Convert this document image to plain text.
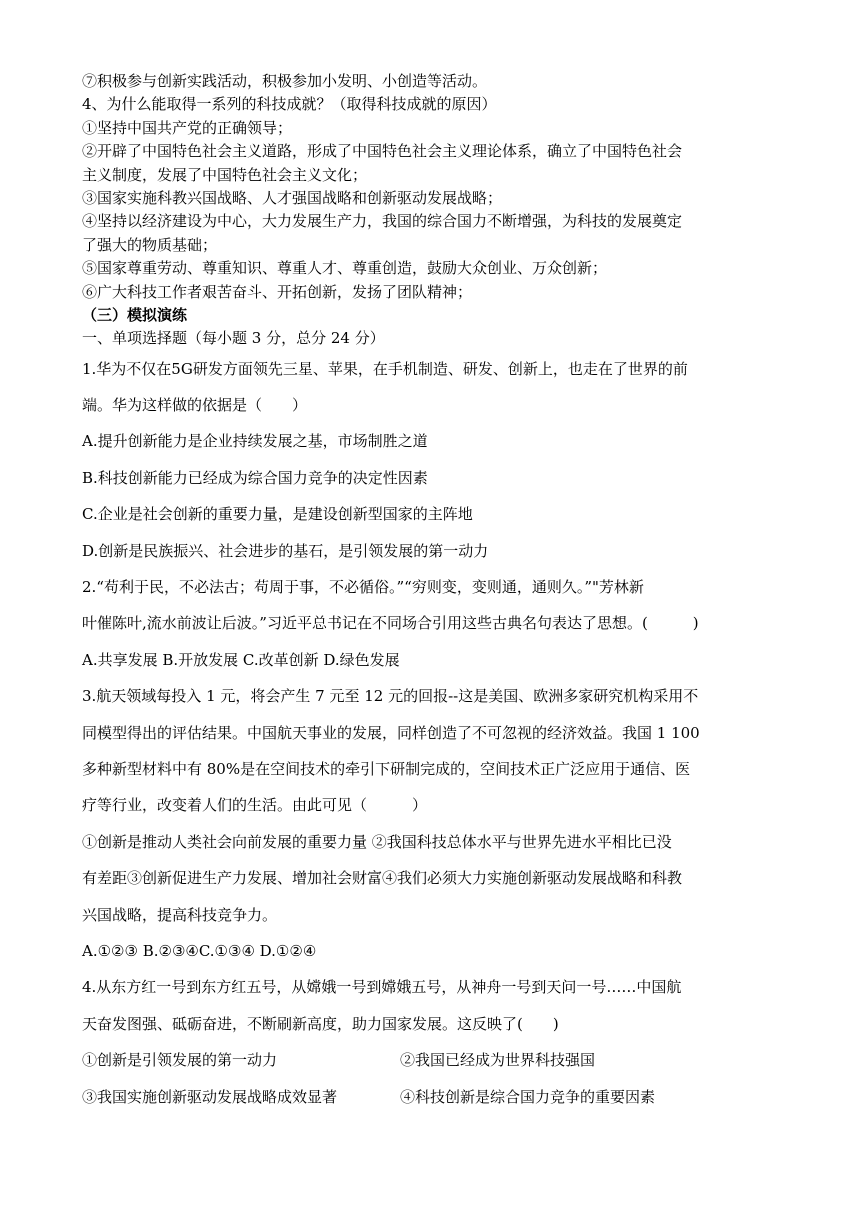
⑦积极参与创新实践活动，积极参加小发明、小创造等活动。
4、为什么能取得一系列的科技成就？（取得科技成就的原因）
①坚持中国共产党的正确领导；
②开辟了中国特色社会主义道路，形成了中国特色社会主义理论体系，确立了中国特色社会
主义制度，发展了中国特色社会主义文化；
③国家实施科教兴国战略、人才强国战略和创新驱动发展战略；
④坚持以经济建设为中心，大力发展生产力，我国的综合国力不断增强，为科技的发展奠定
了强大的物质基础；
⑤国家尊重劳动、尊重知识、尊重人才、尊重创造，鼓励大众创业、万众创新；
⑥广大科技工作者艰苦奋斗、开拓创新，发扬了团队精神；
（三）模拟演练
一、单项选择题（每小题 3 分，总分 24 分）
1.华为不仅在5G研发方面领先三星、苹果，在手机制造、研发、创新上，也走在了世界的前
端。华为这样做的依据是（　　）
A.提升创新能力是企业持续发展之基，市场制胜之道
B.科技创新能力已经成为综合国力竞争的决定性因素
C.企业是社会创新的重要力量，是建设创新型国家的主阵地
D.创新是民族振兴、社会进步的基石，是引领发展的第一动力
2.“苟利于民，不必法古；苟周于事，不必循俗。”“穷则变，变则通，通则久。”"芳林新
叶催陈叶,流水前波让后波。”习近平总书记在不同场合引用这些古典名句表达了思想。(　　　)
A.共享发展 B.开放发展 C.改革创新 D.绿色发展
3.航天领域每投入 1 元，将会产生 7 元至 12 元的回报--这是美国、欧洲多家研究机构采用不
同模型得出的评估结果。中国航天事业的发展，同样创造了不可忽视的经济效益。我国 1 100
多种新型材料中有 80%是在空间技术的牵引下研制完成的，空间技术正广泛应用于通信、医
疗等行业，改变着人们的生活。由此可见（　　　）
①创新是推动人类社会向前发展的重要力量 ②我国科技总体水平与世界先进水平相比已没
有差距③创新促进生产力发展、增加社会财富④我们必须大力实施创新驱动发展战略和科教
兴国战略，提高科技竞争力。
A.①②③ B.②③④C.①③④ D.①②④
4.从东方红一号到东方红五号，从嫦娥一号到嫦娥五号，从神舟一号到天问一号……中国航
天奋发图强、砥砺奋进，不断刷新高度，助力国家发展。这反映了(　　)
①创新是引领发展的第一动力	②我国已经成为世界科技强国
③我国实施创新驱动发展战略成效显著	④科技创新是综合国力竞争的重要因素
